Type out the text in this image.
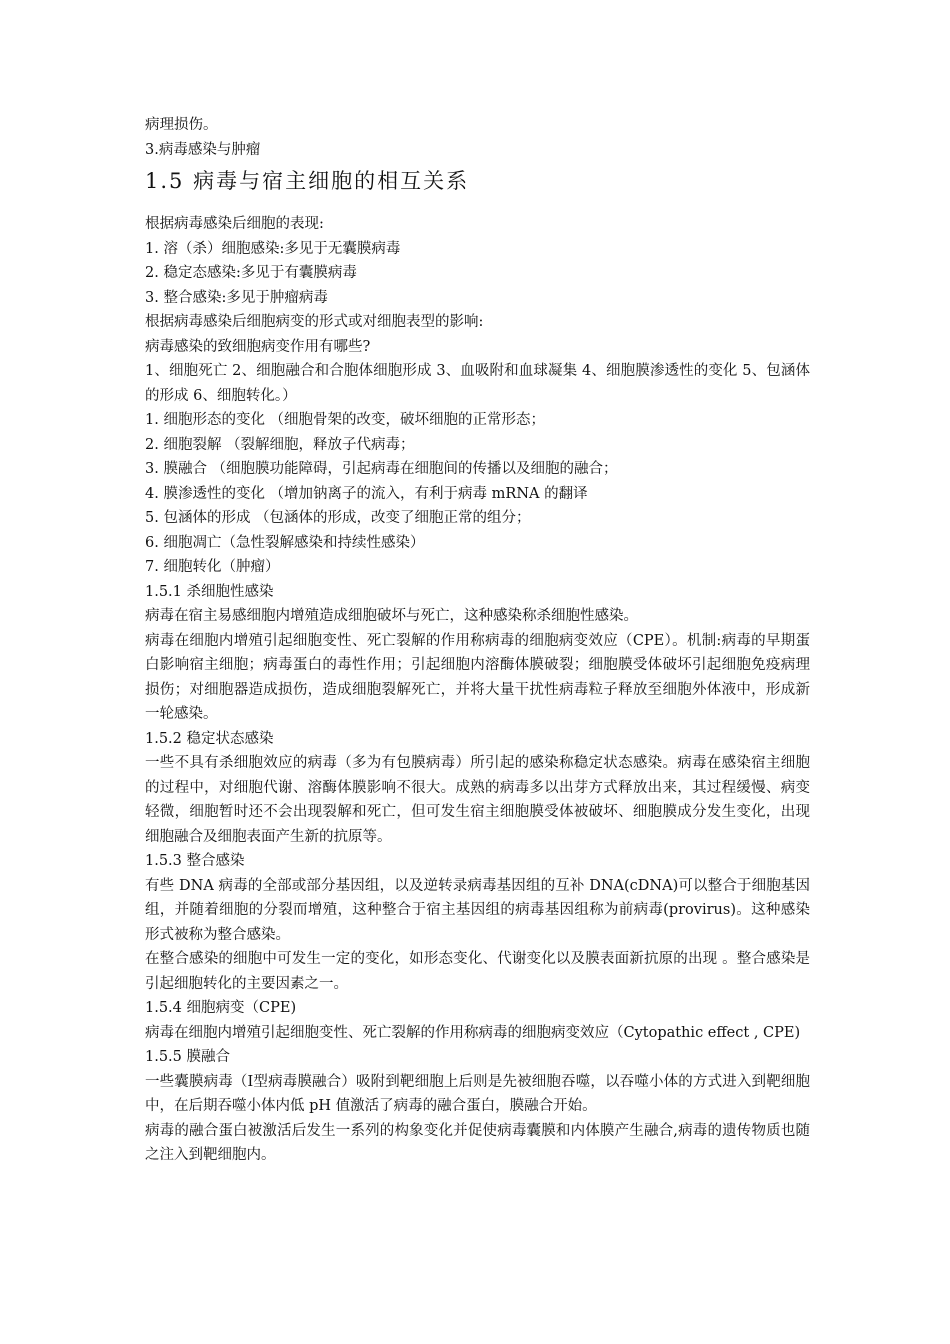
病理损伤。

3.病毒感染与肿瘤

1.5 病毒与宿主细胞的相互关系

根据病毒感染后细胞的表现:

1. 溶（杀）细胞感染:多见于无囊膜病毒

2. 稳定态感染:多见于有囊膜病毒

3. 整合感染:多见于肿瘤病毒

根据病毒感染后细胞病变的形式或对细胞表型的影响:

病毒感染的致细胞病变作用有哪些?

1、细胞死亡 2、细胞融合和合胞体细胞形成 3、血吸附和血球凝集 4、细胞膜渗透性的变化 5、包涵体的形成 6、细胞转化。）

1. 细胞形态的变化 （细胞骨架的改变，破坏细胞的正常形态；

2. 细胞裂解 （裂解细胞，释放子代病毒；

3. 膜融合 （细胞膜功能障碍，引起病毒在细胞间的传播以及细胞的融合；

4. 膜渗透性的变化 （增加钠离子的流入，有利于病毒 mRNA 的翻译

5. 包涵体的形成 （包涵体的形成，改变了细胞正常的组分；

6. 细胞凋亡（急性裂解感染和持续性感染）

7. 细胞转化（肿瘤）

1.5.1 杀细胞性感染

病毒在宿主易感细胞内增殖造成细胞破坏与死亡，这种感染称杀细胞性感染。

病毒在细胞内增殖引起细胞变性、死亡裂解的作用称病毒的细胞病变效应（CPE）。机制:病毒的早期蛋白影响宿主细胞；病毒蛋白的毒性作用；引起细胞内溶酶体膜破裂；细胞膜受体破坏引起细胞免疫病理损伤；对细胞器造成损伤，造成细胞裂解死亡，并将大量干扰性病毒粒子释放至细胞外体液中，形成新一轮感染。

1.5.2 稳定状态感染

一些不具有杀细胞效应的病毒（多为有包膜病毒）所引起的感染称稳定状态感染。病毒在感染宿主细胞的过程中，对细胞代谢、溶酶体膜影响不很大。成熟的病毒多以出芽方式释放出来，其过程缓慢、病变轻微，细胞暂时还不会出现裂解和死亡，但可发生宿主细胞膜受体被破坏、细胞膜成分发生变化，出现细胞融合及细胞表面产生新的抗原等。

1.5.3 整合感染

有些 DNA 病毒的全部或部分基因组，以及逆转录病毒基因组的互补 DNA(cDNA)可以整合于细胞基因组，并随着细胞的分裂而增殖，这种整合于宿主基因组的病毒基因组称为前病毒(provirus)。这种感染形式被称为整合感染。

在整合感染的细胞中可发生一定的变化，如形态变化、代谢变化以及膜表面新抗原的出现 。整合感染是引起细胞转化的主要因素之一。

1.5.4 细胞病变（CPE)

病毒在细胞内增殖引起细胞变性、死亡裂解的作用称病毒的细胞病变效应（Cytopathic effect , CPE)

1.5.5 膜融合

一些囊膜病毒（Ⅰ型病毒膜融合）吸附到靶细胞上后则是先被细胞吞噬，以吞噬小体的方式进入到靶细胞中，在后期吞噬小体内低 pH 值激活了病毒的融合蛋白，膜融合开始。

病毒的融合蛋白被激活后发生一系列的构象变化并促使病毒囊膜和内体膜产生融合,病毒的遗传物质也随之注入到靶细胞内。
